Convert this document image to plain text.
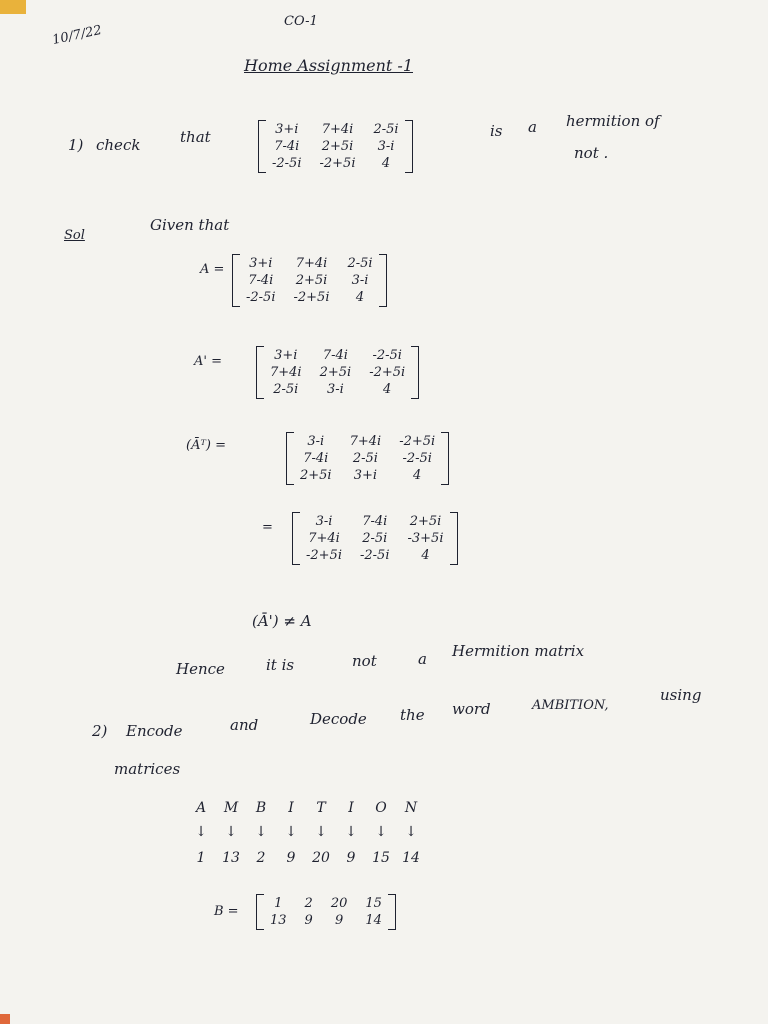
10/7/22
CO-1
Home Assignment -1
1) check	that	3+i 7+4i 2-5i
7-4i 2+5i	3-i
-2-5i -2+5i	4
is a hermition of
not .
Sol
Given that
A = 3+i 7+4i 2-5i
7-4i 2+5i	3-i
-2-5i -2+5i	4
A' =	3+i	7-4i -2-5i
7+4i 2+5i -2+5i
2-5i	3-i	4
(Āᵀ) =	3-i	7+4i -2+5i
7-4i 2-5i -2-5i
2+5i	3+i	4
=	3-i	7-4i 2+5i
7+4i 2-5i -3+5i
-2+5i -2-5i	4
(Ā') ≠ A
Hence	it is	not	a Hermition matrix
2) Encode	and	Decode the word	AMBITION,
using
matrices
A	M	B	I	T	I	O	N
↓	↓	↓	↓	↓	↓	↓	↓
1	13	2	9	20	9	15 14
B =
1	2 20 15
13 9	9	14
